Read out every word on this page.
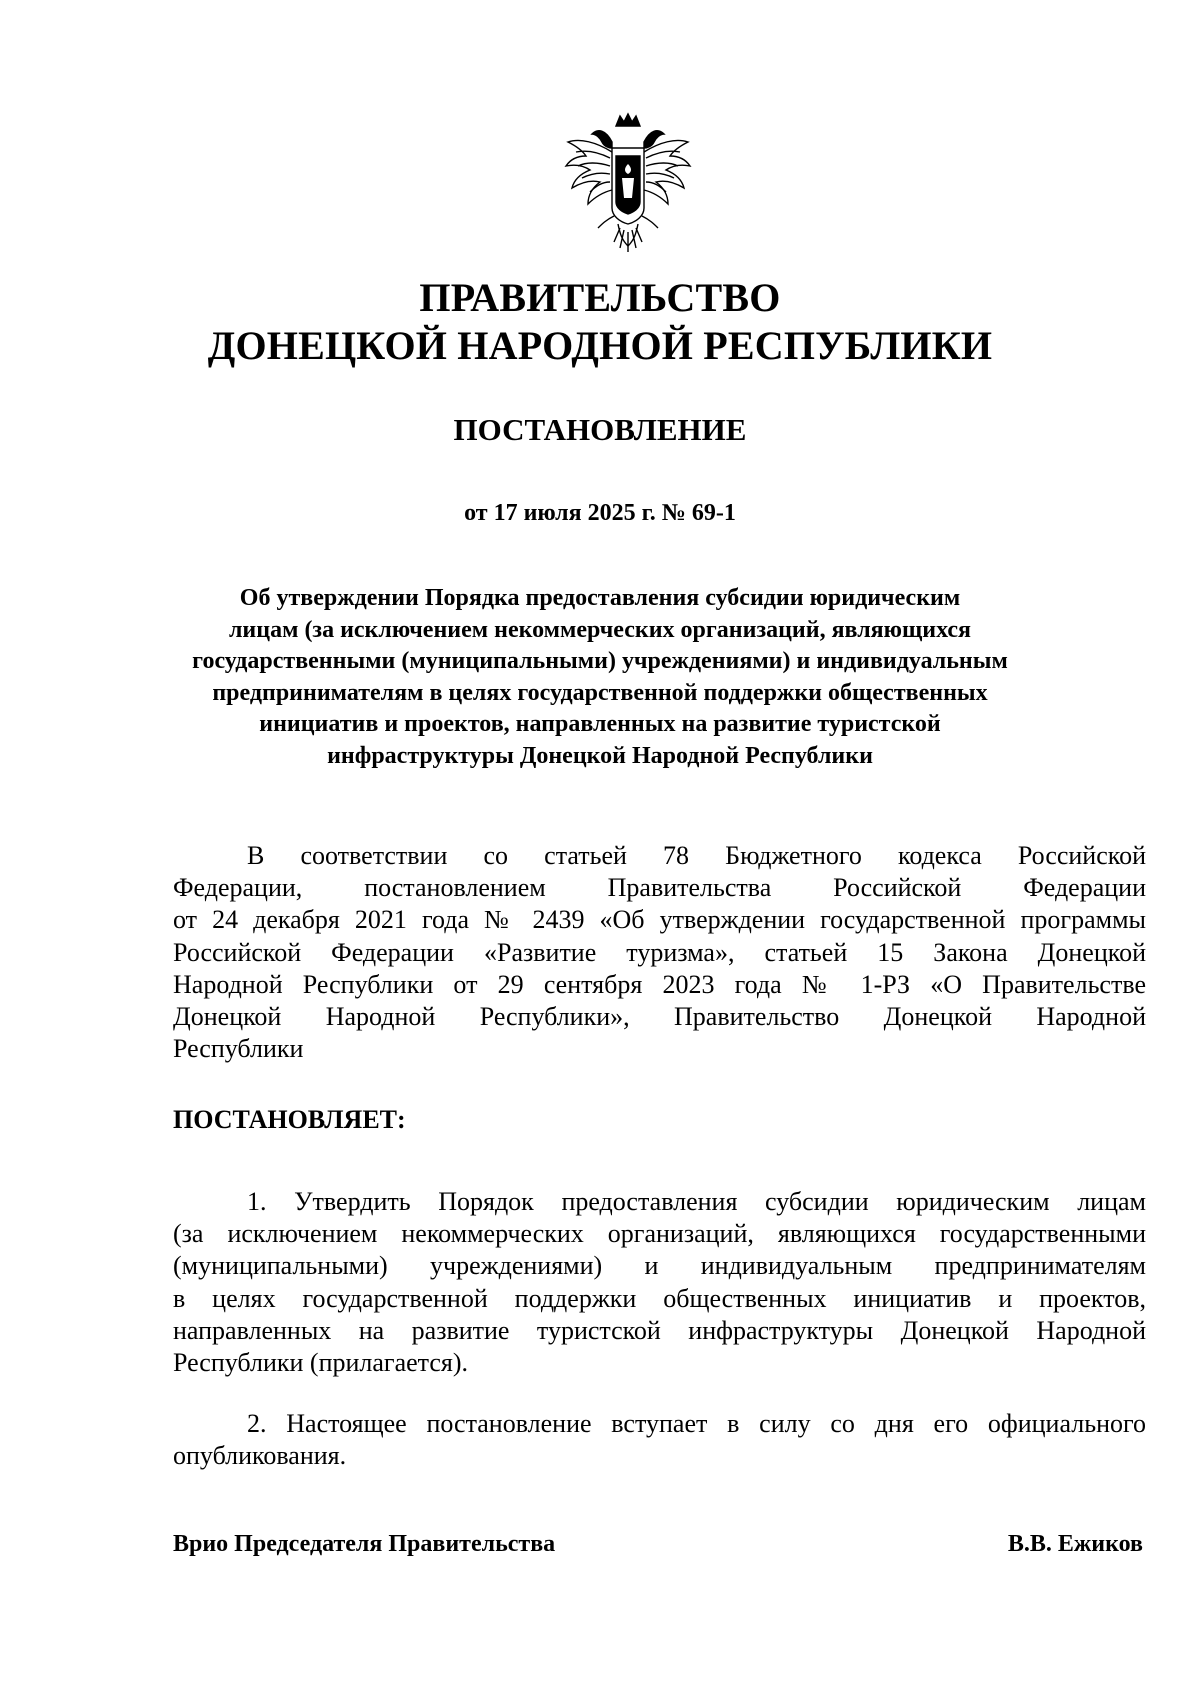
ПРАВИТЕЛЬСТВО
ДОНЕЦКОЙ НАРОДНОЙ РЕСПУБЛИКИ
ПОСТАНОВЛЕНИЕ
от 17 июля 2025 г. № 69-1
Об утверждении Порядка предоставления субсидии юридическим
лицам (за исключением некоммерческих организаций, являющихся
государственными (муниципальными) учреждениями) и индивидуальным
предпринимателям в целях государственной поддержки общественных
инициатив и проектов, направленных на развитие туристской
инфраструктуры Донецкой Народной Республики
В соответствии со статьей 78 Бюджетного кодекса Российской
Федерации, постановлением Правительства Российской Федерации
от 24 декабря 2021 года № 2439 «Об утверждении государственной программы
Российской Федерации «Развитие туризма», статьей 15 Закона Донецкой
Народной Республики от 29 сентября 2023 года № 1-РЗ «О Правительстве
Донецкой Народной Республики», Правительство Донецкой Народной
Республики
ПОСТАНОВЛЯЕТ:
1. Утвердить Порядок предоставления субсидии юридическим лицам
(за исключением некоммерческих организаций, являющихся государственными
(муниципальными) учреждениями) и индивидуальным предпринимателям
в целях государственной поддержки общественных инициатив и проектов,
направленных на развитие туристской инфраструктуры Донецкой Народной
Республики (прилагается).
2. Настоящее постановление вступает в силу со дня его официального
опубликования.
Врио Председателя Правительства	В.В. Ежиков
